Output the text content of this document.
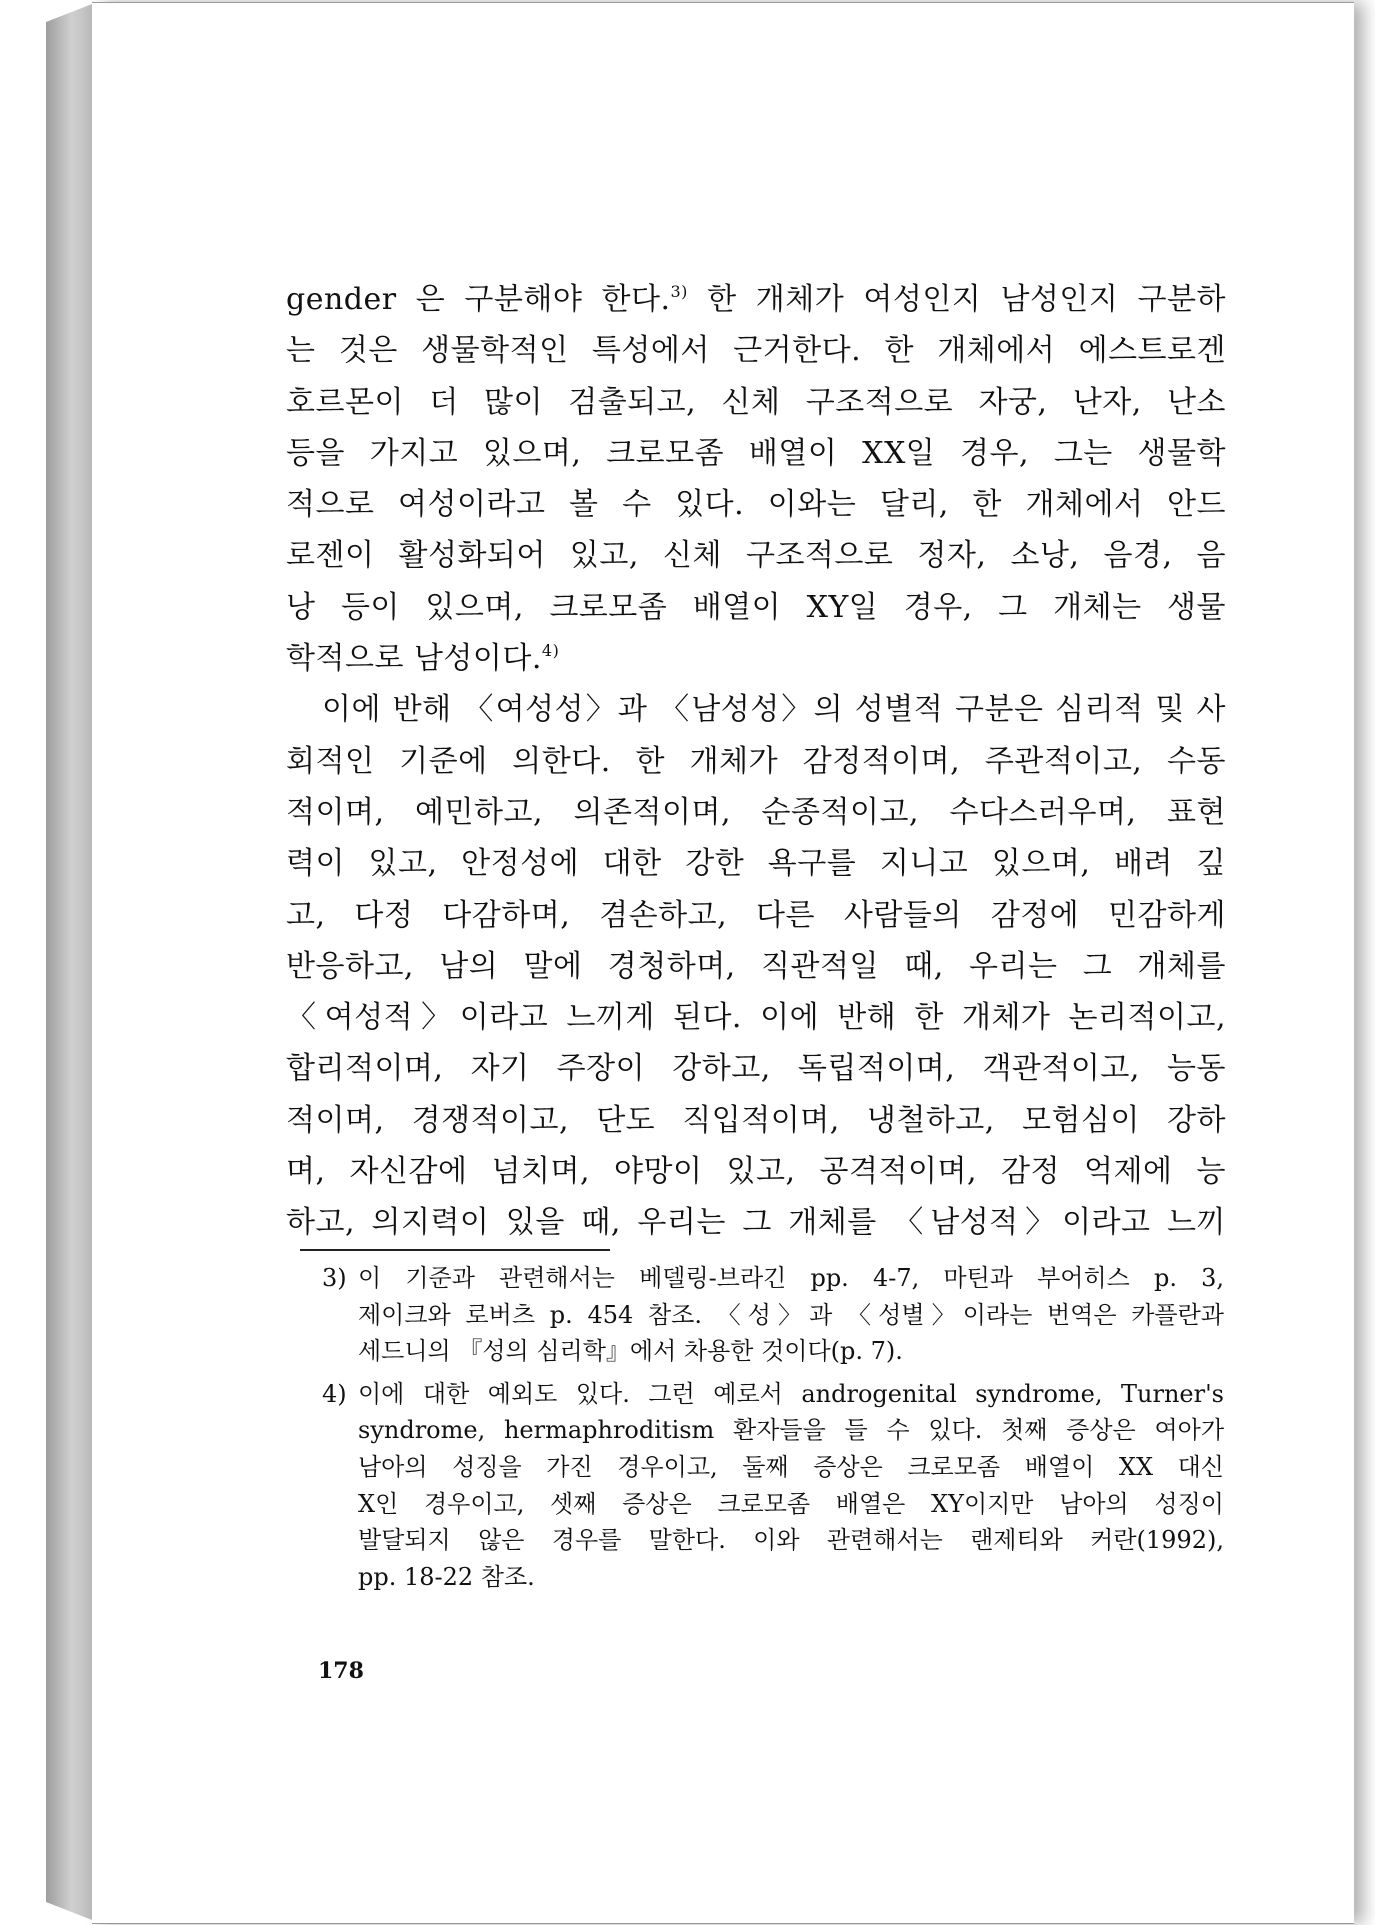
gender 은 구분해야 한다.$^{3)}$ 한 개체가 여성인지 남성인지 구분하
는 것은 생물학적인 특성에서 근거한다. 한 개체에서 에스트로겐
호르몬이 더 많이 검출되고, 신체 구조적으로 자궁, 난자, 난소
등을 가지고 있으며, 크로모좀 배열이 XX일 경우, 그는 생물학
적으로 여성이라고 볼 수 있다. 이와는 달리, 한 개체에서 안드
로젠이 활성화되어 있고, 신체 구조적으로 정자, 소낭, 음경, 음
낭 등이 있으며, 크로모좀 배열이 XY일 경우, 그 개체는 생물
학적으로 남성이다.$^{4)}$
이에 반해 〈여성성〉과 〈남성성〉의 성별적 구분은 심리적 및 사
회적인 기준에 의한다. 한 개체가 감정적이며, 주관적이고, 수동
적이며, 예민하고, 의존적이며, 순종적이고, 수다스러우며, 표현
력이 있고, 안정성에 대한 강한 욕구를 지니고 있으며, 배려 깊
고, 다정 다감하며, 겸손하고, 다른 사람들의 감정에 민감하게
반응하고, 남의 말에 경청하며, 직관적일 때, 우리는 그 개체를
〈여성적〉이라고 느끼게 된다. 이에 반해 한 개체가 논리적이고,
합리적이며, 자기 주장이 강하고, 독립적이며, 객관적이고, 능동
적이며, 경쟁적이고, 단도 직입적이며, 냉철하고, 모험심이 강하
며, 자신감에 넘치며, 야망이 있고, 공격적이며, 감정 억제에 능
하고, 의지력이 있을 때, 우리는 그 개체를 〈남성적〉이라고 느끼
3) 이 기준과 관련해서는 베델링-브라긴 pp. 4-7, 마틴과 부어히스 p. 3,
제이크와 로버츠 p. 454 참조. 〈성〉과 〈성별〉이라는 번역은 카플란과
세드니의 『성의 심리학』에서 차용한 것이다(p. 7).
4) 이에 대한 예외도 있다. 그런 예로서 androgenital syndrome, Turner's
syndrome, hermaphroditism 환자들을 들 수 있다. 첫째 증상은 여아가
남아의 성징을 가진 경우이고, 둘째 증상은 크로모좀 배열이 XX 대신
X인 경우이고, 셋째 증상은 크로모좀 배열은 XY이지만 남아의 성징이
발달되지 않은 경우를 말한다. 이와 관련해서는 랜제티와 커란(1992),
pp. 18-22 참조.
178
